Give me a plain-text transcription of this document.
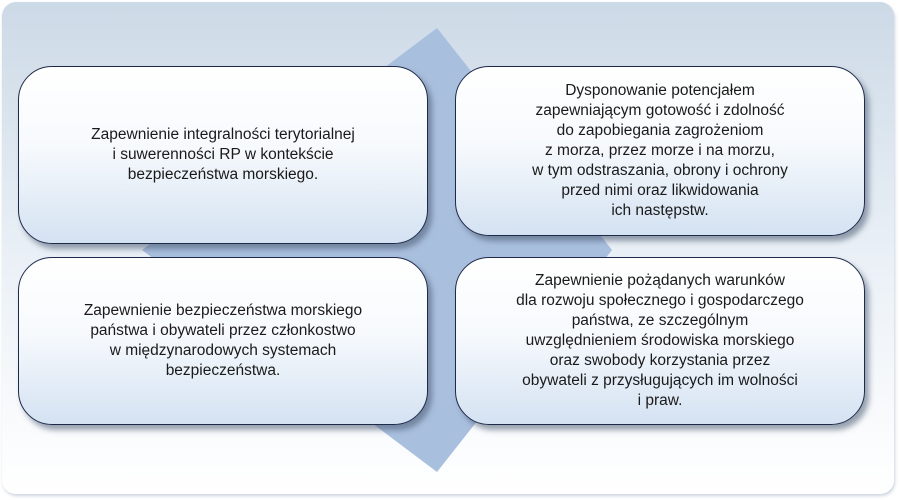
Zapewnienie integralności terytorialnej
i suwerenności RP w kontekście
bezpieczeństwa morskiego.
Dysponowanie potencjałem
zapewniającym gotowość i zdolność
do zapobiegania zagrożeniom
z morza, przez morze i na morzu,
w tym odstraszania, obrony i ochrony
przed nimi oraz likwidowania
ich następstw.
Zapewnienie bezpieczeństwa morskiego
państwa i obywateli przez członkostwo
w międzynarodowych systemach
bezpieczeństwa.
Zapewnienie pożądanych warunków
dla rozwoju społecznego i gospodarczego
państwa, ze szczególnym
uwzględnieniem środowiska morskiego
oraz swobody korzystania przez
obywateli z przysługujących im wolności
i praw.
